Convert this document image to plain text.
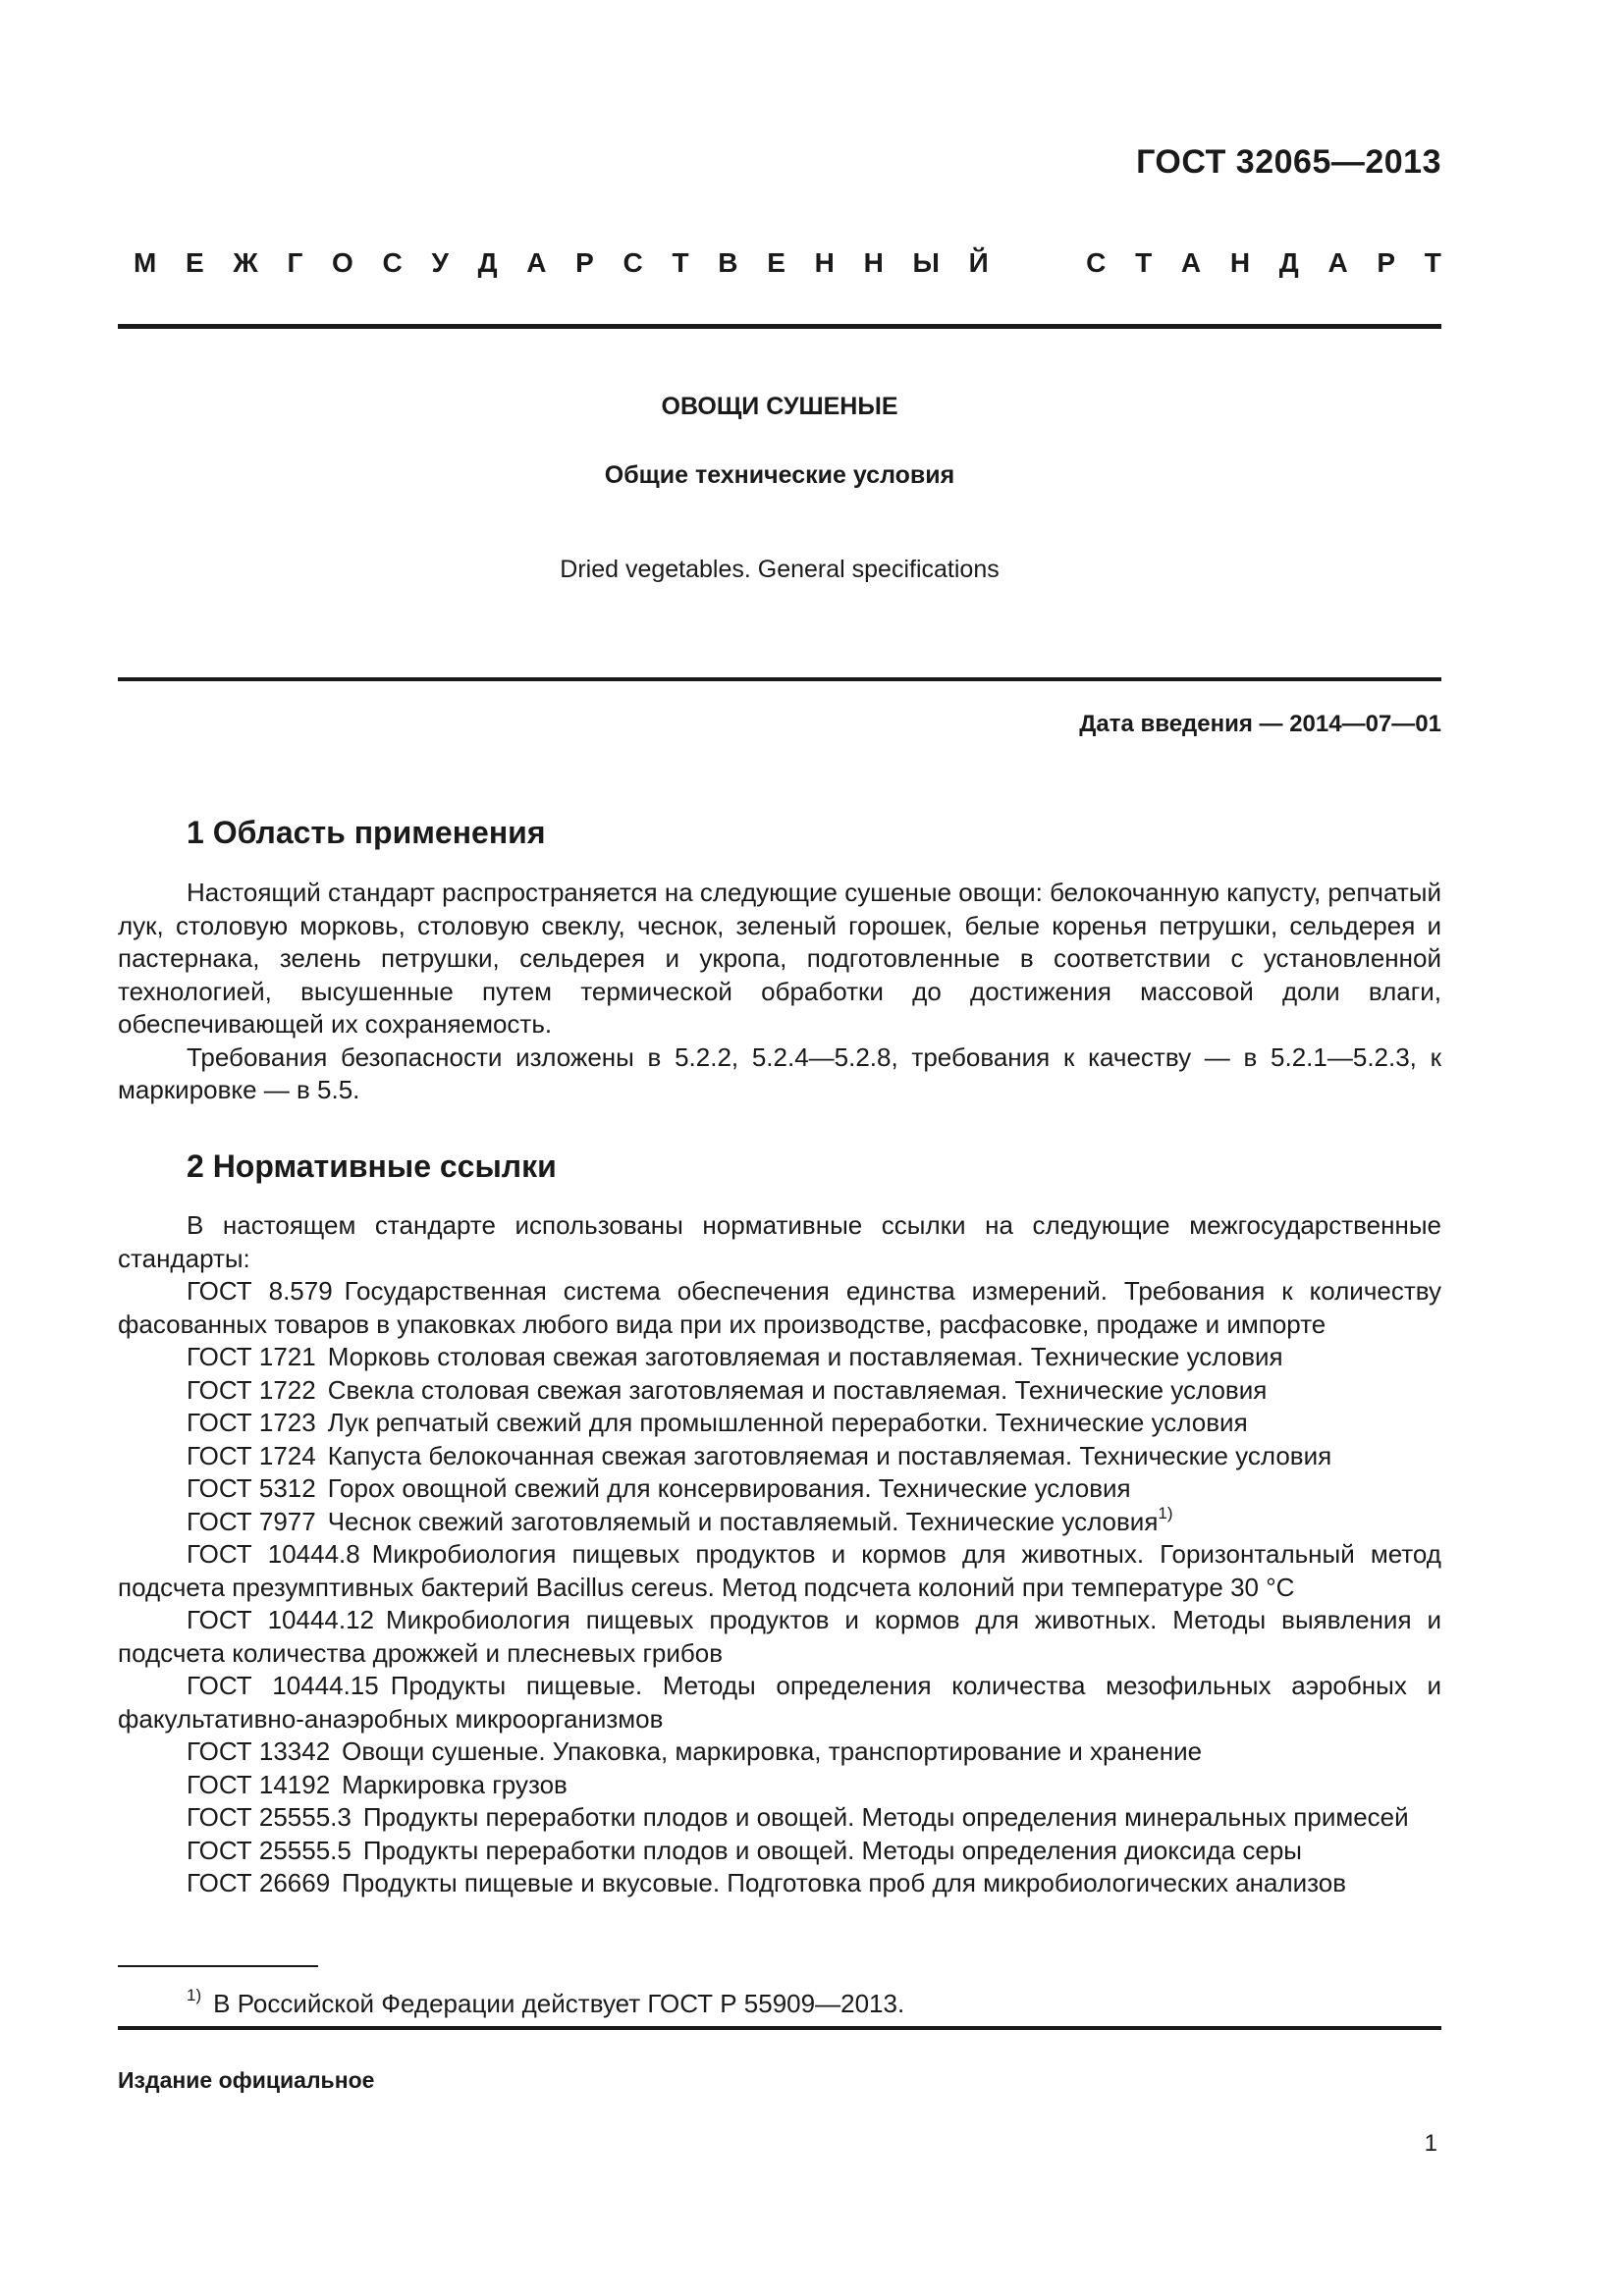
ГОСТ 32065—2013
М Е Ж Г О С У Д А Р С Т В Е Н Н Ы Й	С Т А Н Д А Р Т
ОВОЩИ СУШЕНЫЕ
Общие технические условия
Dried vegetables. General specifications
Дата введения — 2014—07—01
1 Область применения

Настоящий стандарт распространяется на следующие сушеные овощи: белокочанную капусту, репчатый лук, столовую морковь, столовую свеклу, чеснок, зеленый горошек, белые коренья петрушки, сельдерея и пастернака, зелень петрушки, сельдерея и укропа, подготовленные в соответствии с установленной технологией, высушенные путем термической обработки до достижения массовой доли влаги, обеспечивающей их сохраняемость.

Требования безопасности изложены в 5.2.2, 5.2.4—5.2.8, требования к качеству — в 5.2.1—5.2.3, к маркировке — в 5.5.

2 Нормативные ссылки

В настоящем стандарте использованы нормативные ссылки на следующие межгосударственные стандарты:

ГОСТ 8.579 Государственная система обеспечения единства измерений. Требования к количеству фасованных товаров в упаковках любого вида при их производстве, расфасовке, продаже и импорте

ГОСТ 1721 Морковь столовая свежая заготовляемая и поставляемая. Технические условия

ГОСТ 1722 Свекла столовая свежая заготовляемая и поставляемая. Технические условия

ГОСТ 1723 Лук репчатый свежий для промышленной переработки. Технические условия

ГОСТ 1724 Капуста белокочанная свежая заготовляемая и поставляемая. Технические условия

ГОСТ 5312 Горох овощной свежий для консервирования. Технические условия

ГОСТ 7977 Чеснок свежий заготовляемый и поставляемый. Технические условия$^{1)}$

ГОСТ 10444.8 Микробиология пищевых продуктов и кормов для животных. Горизонтальный метод подсчета презумптивных бактерий Bacillus cereus. Метод подсчета колоний при температуре 30 °С

ГОСТ 10444.12 Микробиология пищевых продуктов и кормов для животных. Методы выявления и подсчета количества дрожжей и плесневых грибов

ГОСТ 10444.15 Продукты пищевые. Методы определения количества мезофильных аэробных и факультативно-анаэробных микроорганизмов

ГОСТ 13342 Овощи сушеные. Упаковка, маркировка, транспортирование и хранение

ГОСТ 14192 Маркировка грузов

ГОСТ 25555.3 Продукты переработки плодов и овощей. Методы определения минеральных примесей

ГОСТ 25555.5 Продукты переработки плодов и овощей. Методы определения диоксида серы

ГОСТ 26669 Продукты пищевые и вкусовые. Подготовка проб для микробиологических анализов

$^{1)}$ В Российской Федерации действует ГОСТ Р 55909—2013.
Издание официальное
1
